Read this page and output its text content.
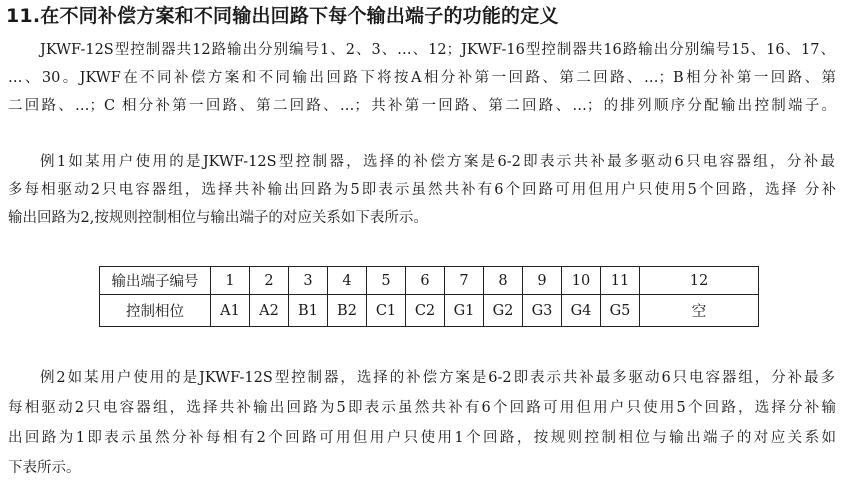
11.在不同补偿方案和不同输出回路下每个输出端子的功能的定义
JKWF-12S型控制器共12路输出分别编号1、2、3、…、12；JKWF-16型控制器共16路输出分别编号15、16、17、
…、30。JKWF在不同补偿方案和不同输出回路下将按A相分补第一回路、第二回路、…；B相分补第一回路、第
二回路、…；C 相分补第一回路、第二回路、…；共补第一回路、第二回路、…；的排列顺序分配输出控制端子。
例1如某用户使用的是JKWF-12S型控制器，选择的补偿方案是6-2即表示共补最多驱动6只电容器组，分补最
多每相驱动2只电容器组，选择共补输出回路为5即表示虽然共补有6个回路可用但用户只使用5个回路，选择 分补
输出回路为2,按规则控制相位与输出端子的对应关系如下表所示。
输出端子编号	1	2	3	4	5	6	7	8	9	10	11	12
控制相位	A1	A2	B1	B2	C1	C2	G1	G2	G3	G4	G5	空
例2如某用户使用的是JKWF-12S型控制器，选择的补偿方案是6-2即表示共补最多驱动6只电容器组，分补最多
每相驱动2只电容器组，选择共补输出回路为5即表示虽然共补有6个回路可用但用户只使用5个回路，选择分补输
出回路为1即表示虽然分补每相有2个回路可用但用户只使用1个回路，按规则控制相位与输出端子的对应关系如
下表所示。
